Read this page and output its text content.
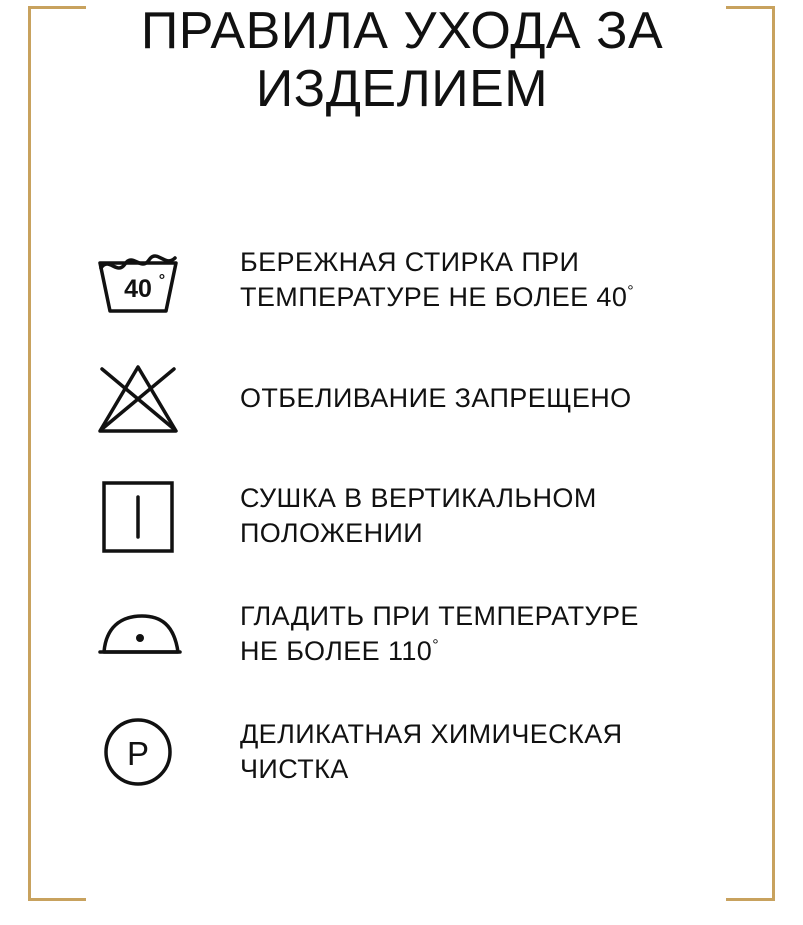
ПРАВИЛА УХОДА ЗА ИЗДЕЛИЕМ
40 °
БЕРЕЖНАЯ СТИРКА ПРИ
ТЕМПЕРАТУРЕ НЕ БОЛЕЕ 40°
ОТБЕЛИВАНИЕ ЗАПРЕЩЕНО
СУШКА В ВЕРТИКАЛЬНОМ
ПОЛОЖЕНИИ
ГЛАДИТЬ ПРИ ТЕМПЕРАТУРЕ
НЕ БОЛЕЕ 110°
P
ДЕЛИКАТНАЯ ХИМИЧЕСКАЯ
ЧИСТКА
